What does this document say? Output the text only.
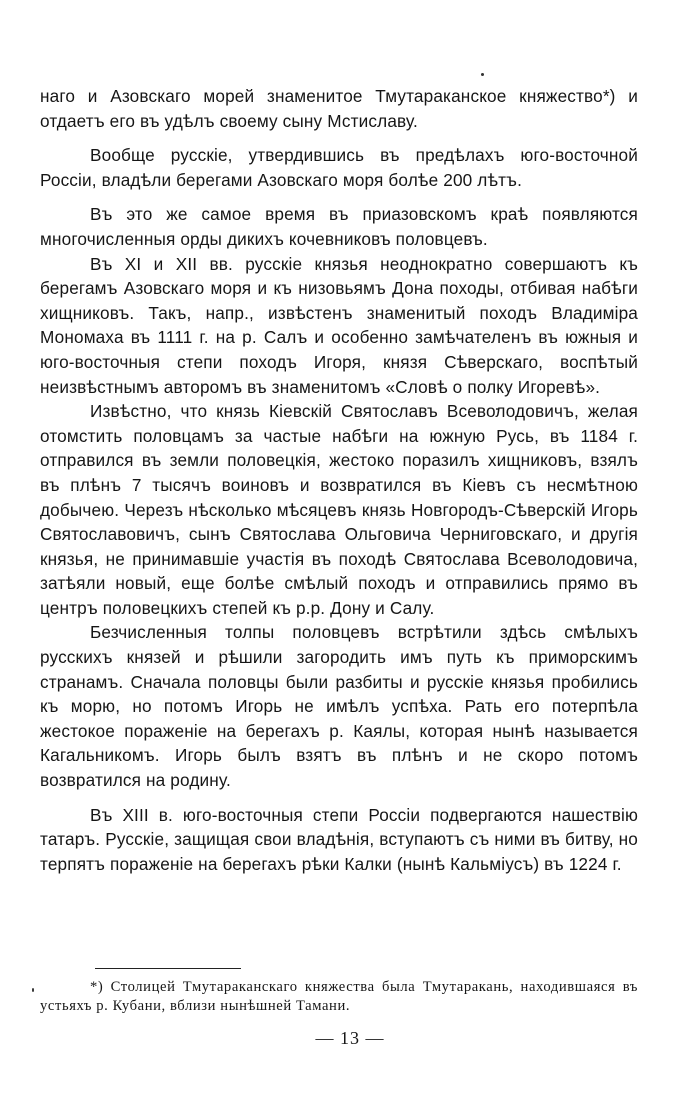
наго и Азовскаго морей знаменитое Тмутараканское княжество*) и отдаетъ его въ удѣлъ своему сыну Мстиславу.

Вообще русскіе, утвердившись въ предѣлахъ юго-восточной Россіи, владѣли берегами Азовскаго моря болѣе 200 лѣтъ.

Въ это же самое время въ приазовскомъ краѣ появляются многочисленныя орды дикихъ кочевниковъ половцевъ.

Въ XI и XII вв. русскіе князья неоднократно совершаютъ къ берегамъ Азовскаго моря и къ низовьямъ Дона походы, отбивая набѣги хищниковъ. Такъ, напр., извѣстенъ знаменитый походъ Владиміра Мономаха въ 1111 г. на р. Салъ и особенно замѣчателенъ въ южныя и юго-восточныя степи походъ Игоря, князя Сѣверскаго, воспѣтый неизвѣстнымъ авторомъ въ знаменитомъ «Словѣ о полку Игоревѣ».

Извѣстно, что князь Кіевскій Святославъ Всеволодовичъ, желая отомстить половцамъ за частые набѣги на южную Русь, въ 1184 г. отправился въ земли половецкія, жестоко поразилъ хищниковъ, взялъ въ плѣнъ 7 тысячъ воиновъ и возвратился въ Кіевъ съ несмѣтною добычею. Черезъ нѣсколько мѣсяцевъ князь Новгородъ-Сѣверскій Игорь Святославовичъ, сынъ Святослава Ольговича Черниговскаго, и другія князья, не принимавшіе участія въ походѣ Святослава Всеволодовича, затѣяли новый, еще болѣе смѣлый походъ и отправились прямо въ центръ половецкихъ степей къ р.р. Дону и Салу.

Безчисленныя толпы половцевъ встрѣтили здѣсь смѣлыхъ русскихъ князей и рѣшили загородить имъ путь къ приморскимъ странамъ. Сначала половцы были разбиты и русскіе князья пробились къ морю, но потомъ Игорь не имѣлъ успѣха. Рать его потерпѣла жестокое пораженіе на берегахъ р. Каялы, которая нынѣ называется Кагальникомъ. Игорь былъ взятъ въ плѣнъ и не скоро потомъ возвратился на родину.

Въ XIII в. юго-восточныя степи Россіи подвергаются нашествію татаръ. Русскіе, защищая свои владѣнія, вступаютъ съ ними въ битву, но терпятъ пораженіе на берегахъ рѣки Калки (нынѣ Кальміусъ) въ 1224 г.

*) Столицей Тмутараканскаго княжества была Тмутаракань, находившаяся въ устьяхъ р. Кубани, вблизи нынѣшней Тамани.

— 13 —
